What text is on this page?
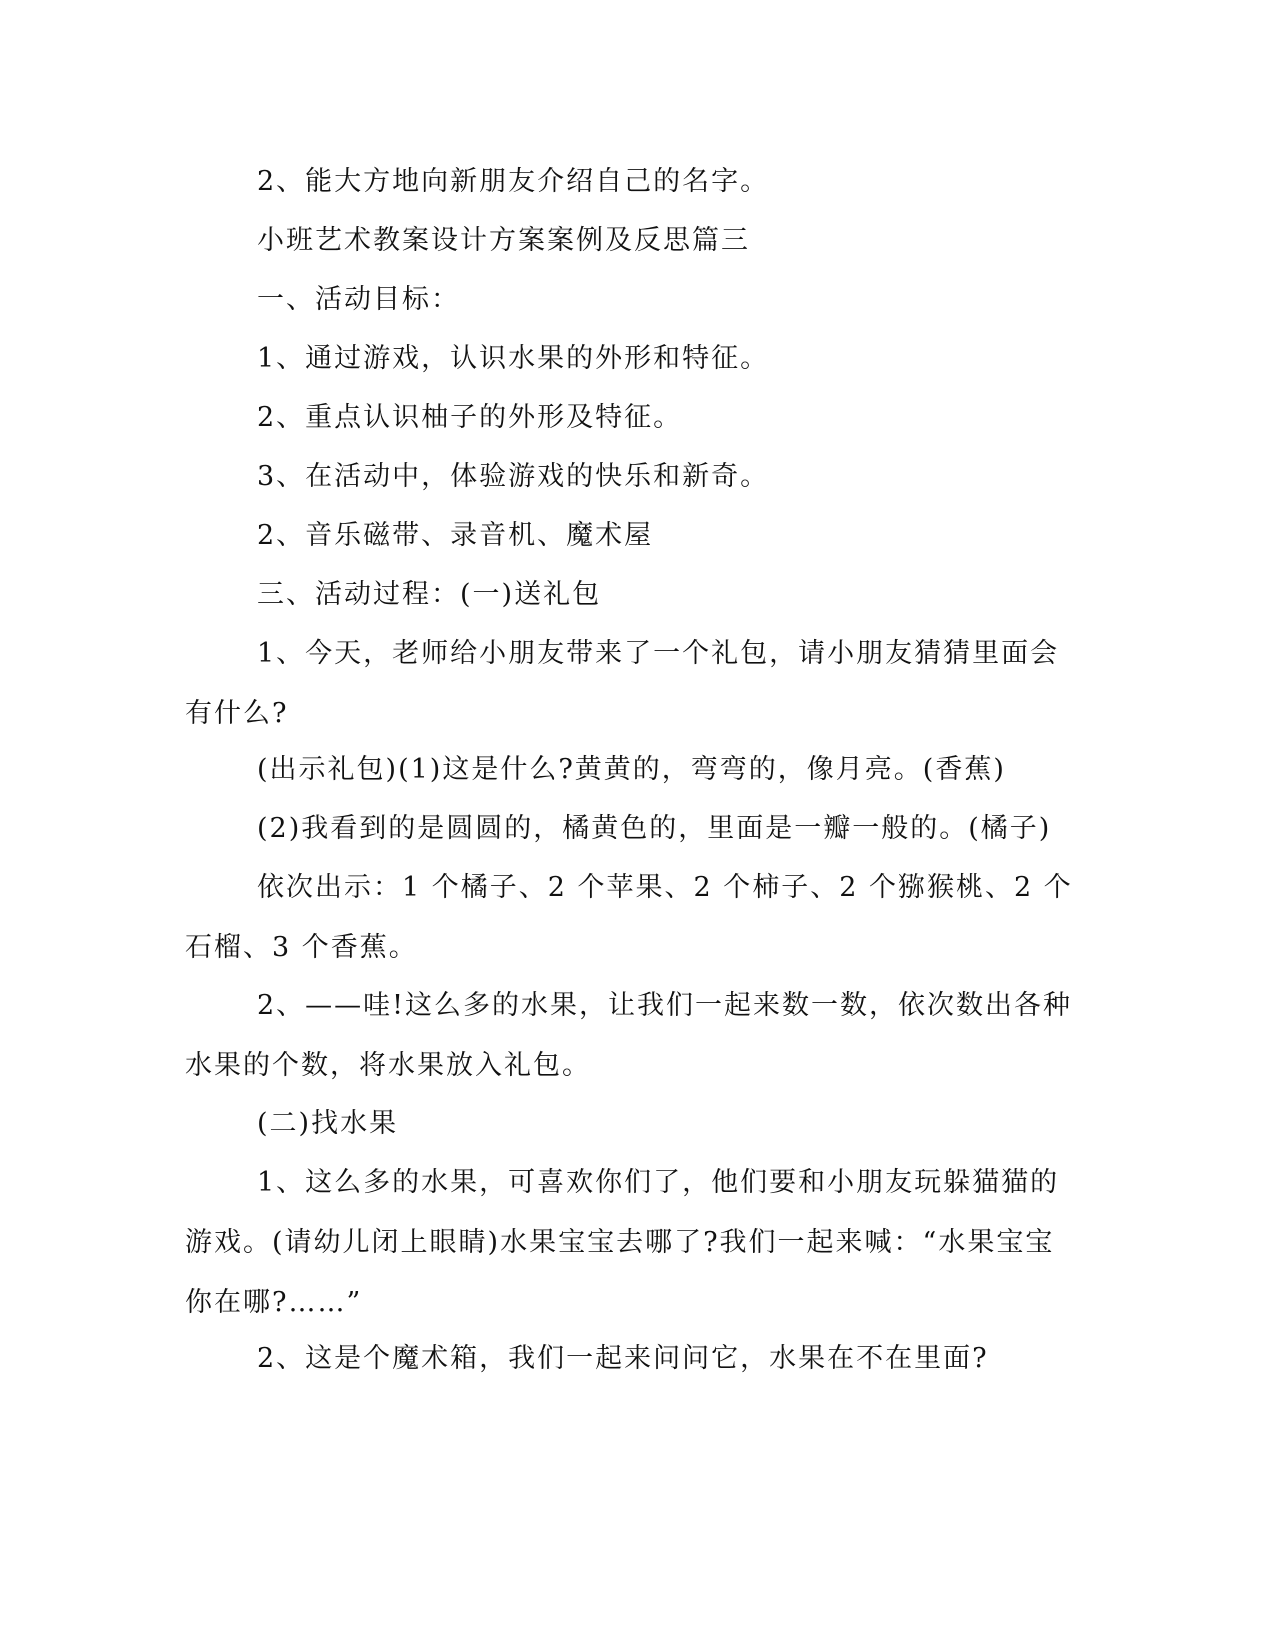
2、能大方地向新朋友介绍自己的名字。

小班艺术教案设计方案案例及反思篇三

一、活动目标：

1、通过游戏，认识水果的外形和特征。

2、重点认识柚子的外形及特征。

3、在活动中，体验游戏的快乐和新奇。

2、音乐磁带、录音机、魔术屋

三、活动过程：(一)送礼包

1、今天，老师给小朋友带来了一个礼包，请小朋友猜猜里面会有什么?

(出示礼包)(1)这是什么?黄黄的，弯弯的，像月亮。(香蕉)

(2)我看到的是圆圆的，橘黄色的，里面是一瓣一般的。(橘子)

依次出示：1 个橘子、2 个苹果、2 个柿子、2 个猕猴桃、2 个石榴、3 个香蕉。

2、——哇!这么多的水果，让我们一起来数一数，依次数出各种水果的个数，将水果放入礼包。

(二)找水果

1、这么多的水果，可喜欢你们了，他们要和小朋友玩躲猫猫的游戏。(请幼儿闭上眼睛)水果宝宝去哪了?我们一起来喊：“水果宝宝你在哪?……”

2、这是个魔术箱，我们一起来问问它，水果在不在里面?
